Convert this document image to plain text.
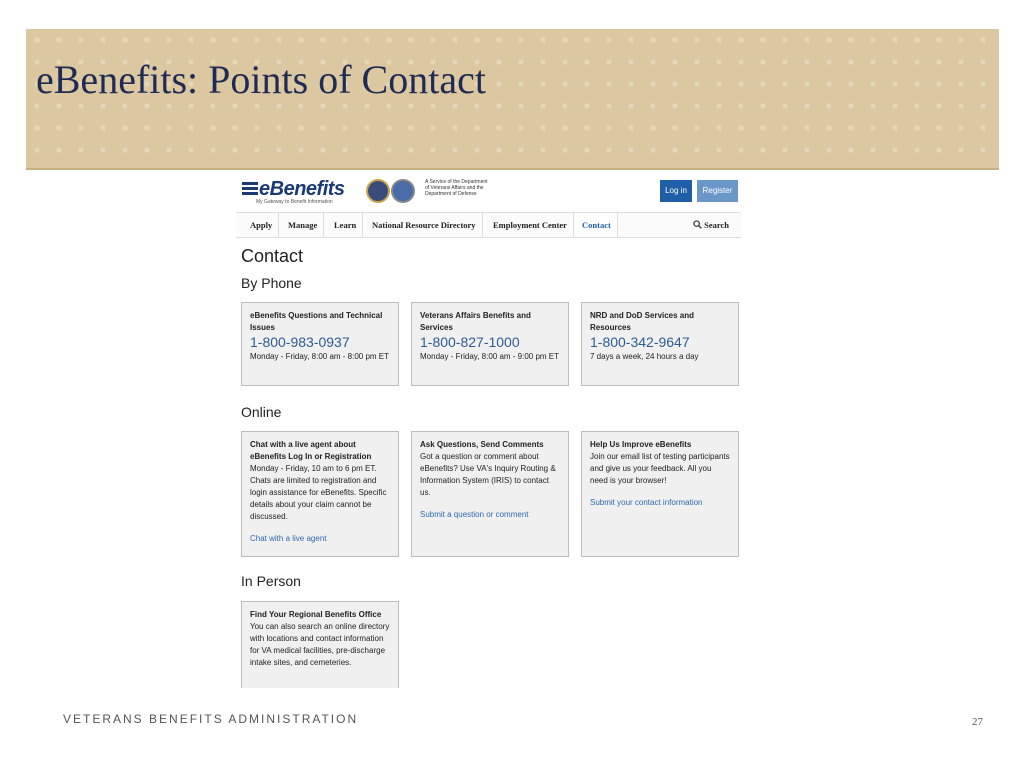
eBenefits: Points of Contact
eBenefits
My Gateway to Benefit Information
A Service of the Department
of Veterans Affairs and the
Department of Defense	Log in	Register
Apply	Manage	Learn	National Resource Directory	Employment Center	Contact	Search
Contact
By Phone
eBenefits Questions and Technical Issues
1-800-983-0937
Monday - Friday, 8:00 am - 8:00 pm ET
Veterans Affairs Benefits and Services
1-800-827-1000
Monday - Friday, 8:00 am - 9:00 pm ET
NRD and DoD Services and Resources
1-800-342-9647
7 days a week, 24 hours a day
Online
Chat with a live agent about eBenefits Log In or Registration
Monday - Friday, 10 am to 6 pm ET. Chats are limited to registration and login assistance for eBenefits. Specific details about your claim cannot be discussed.
Chat with a live agent
Ask Questions, Send Comments
Got a question or comment about eBenefits? Use VA's Inquiry Routing & Information System (IRIS) to contact us.
Submit a question or comment
Help Us Improve eBenefits
Join our email list of testing participants and give us your feedback. All you need is your browser!
Submit your contact information
In Person
Find Your Regional Benefits Office
You can also search an online directory with locations and contact information for VA medical facilities, pre-discharge intake sites, and cemeteries.
VETERANS BENEFITS ADMINISTRATION	27
